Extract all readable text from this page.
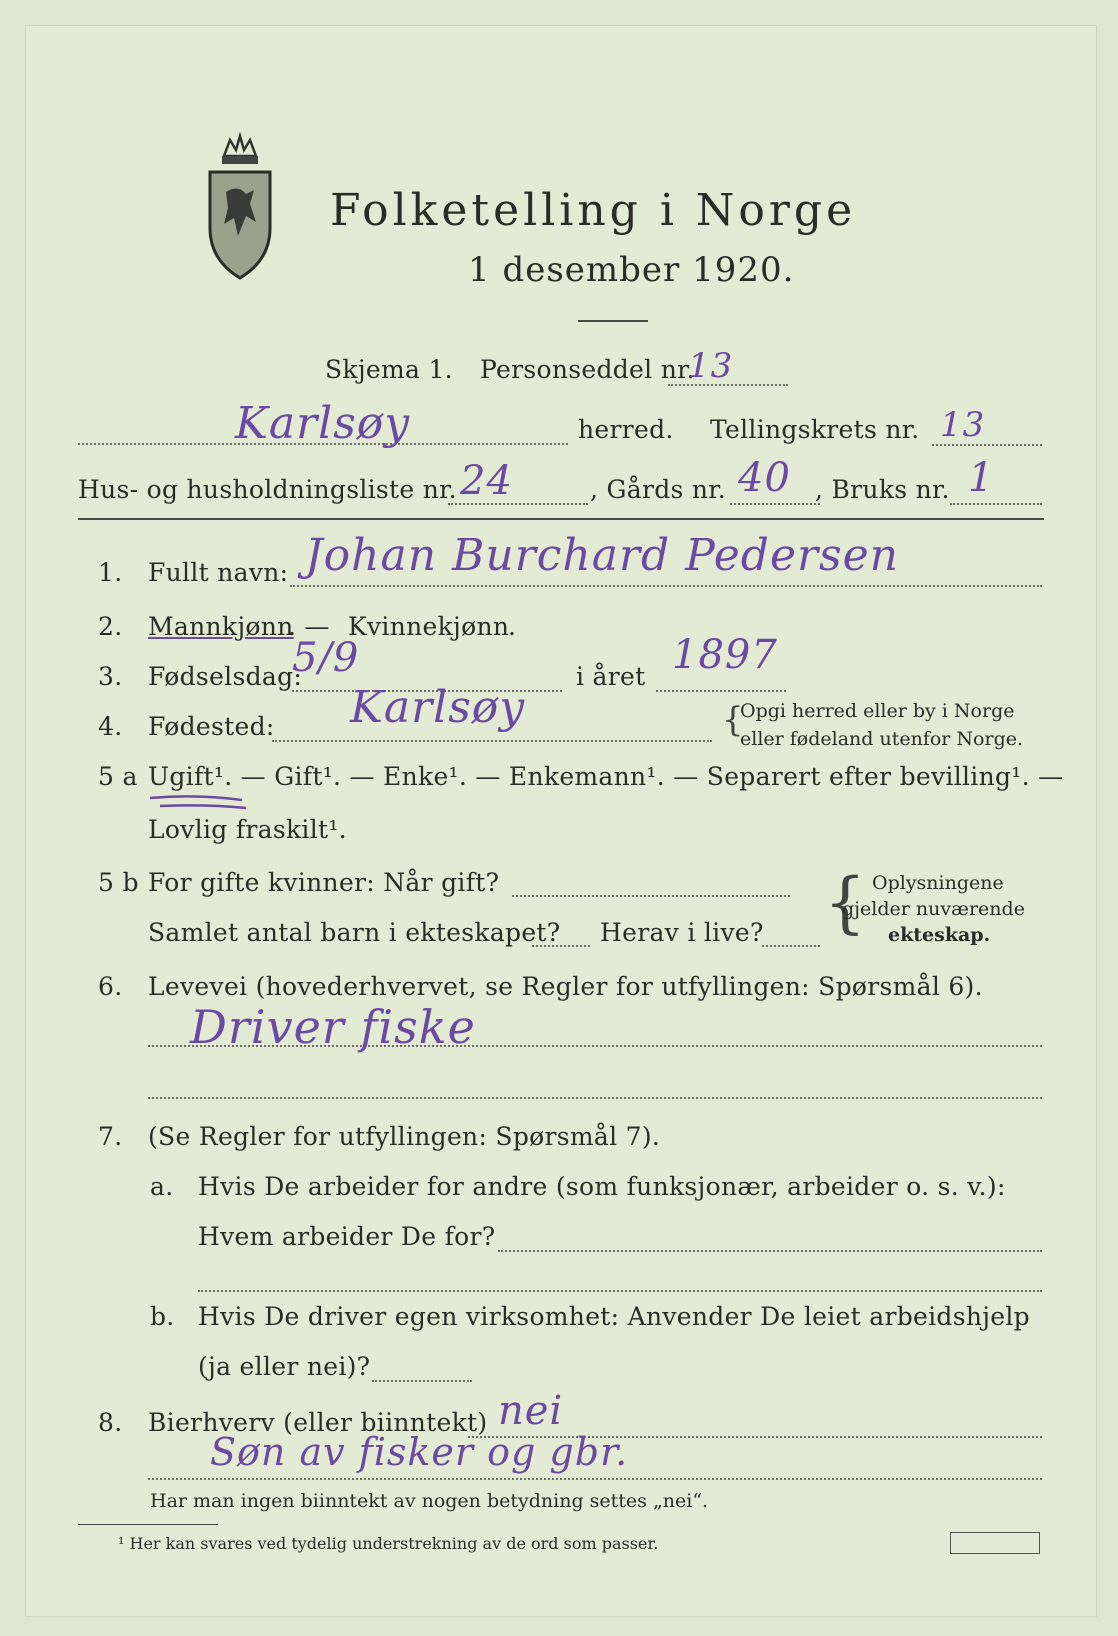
Folketelling i Norge
1 desember 1920.
Skjema 1. Personseddel nr.
13
Karlsøy	herred. Tellingskrets nr. 13
Hus- og husholdningsliste nr. 24	, Gårds nr. 40 , Bruks nr. 1
1. Fullt navn: Johan Burchard Pedersen
2. Mannkjønn
. — Kvinnekjønn
.
3. Fødselsdag:
5/9	i året 1897
4. Fødested: Karlsøy	{
Opgi herred eller by i Norge
eller fødeland utenfor Norge.
5 a Ugift¹. — Gift¹. — Enke¹. — Enkemann¹. — Separert efter bevilling¹. —
Lovlig fraskilt¹.
5 b For gifte kvinner: Når gift?
Samlet antal barn i ekteskapet? Herav i live? { Oplysningene
gjelder nuværende
ekteskap.
6. Levevei (hovederhvervet, se Regler for utfyllingen: Spørsmål 6).
Driver fiske
7. (Se Regler for utfyllingen: Spørsmål 7).
a. Hvis De arbeider for andre (som funksjonær, arbeider o. s. v.):
Hvem arbeider De for?
b. Hvis De driver egen virksomhet: Anvender De leiet arbeidshjelp
(ja eller nei)?
8. Bierhverv (eller biinntekt) nei
Søn av fisker og gbr.
Har man ingen biinntekt av nogen betydning settes „nei“.
¹ Her kan svares ved tydelig understrekning av de ord som passer.
